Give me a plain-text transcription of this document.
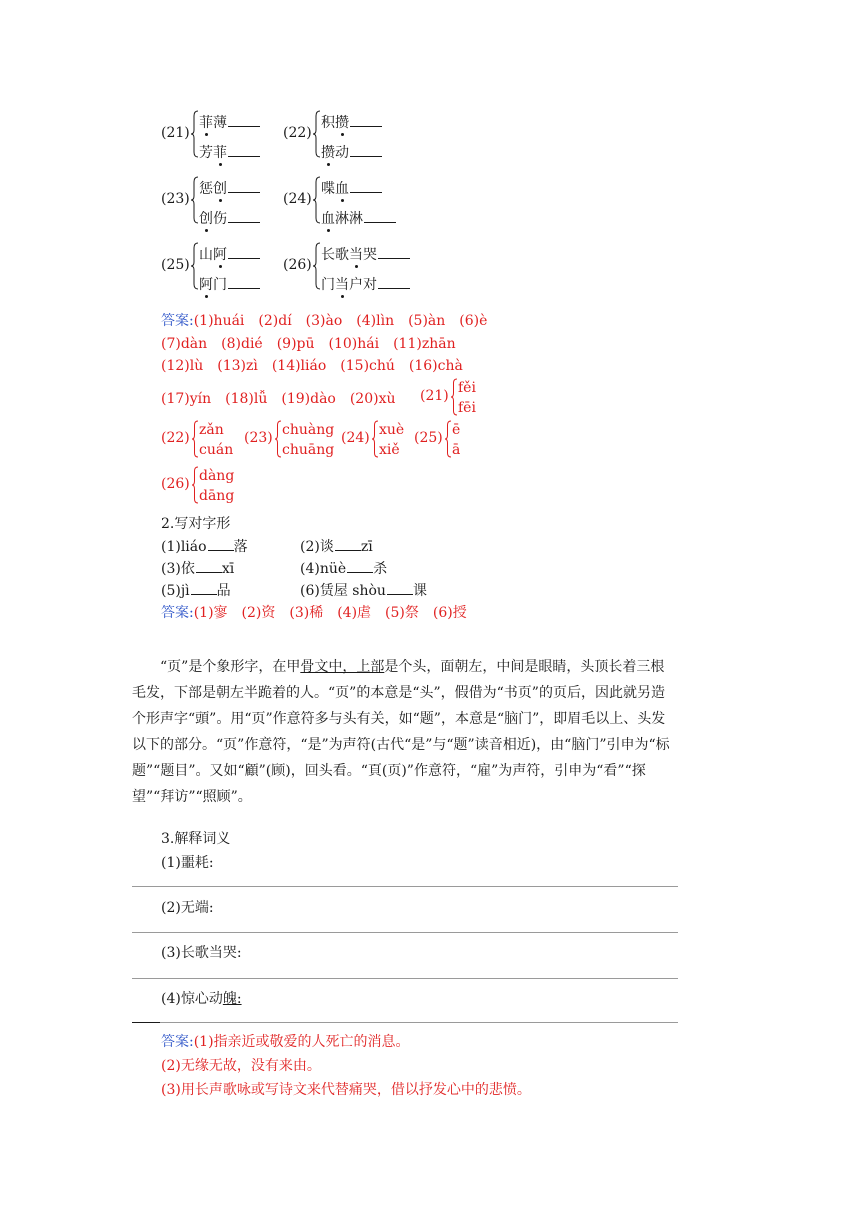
(21)
菲薄
芳菲
(22)
积攒
攒动
(23)
惩创
创伤
(24)
喋血
血淋淋
(25)
山阿
阿门
(26)
长歌当哭
门当户对
答案:(1)huái　(2)dí　(3)ào　(4)lìn　(5)àn　(6)è
(7)dàn　(8)dié　(9)pū　(10)hái　(11)zhān
(12)lù　(13)zì　(14)liáo　(15)chú　(16)chà
(17)yín　(18)lǚ　(19)dào　(20)xù (21) fěi
fēi
(22) zǎn
cuán
(23) chuàng
chuāng
(24) xuè
xiě
(25) ē
ā
(26) dàng
dāng
2.写对字形
(1)liáo 落	(2)谈 zī
(3)依 xī	(4)nüè 杀
(5)jì 品	(6)赁屋 shòu 课
答案:(1)寥　(2)资　(3)稀　(4)虐　(5)祭　(6)授
“页”是个象形字，在甲骨文中，上部是个头，面朝左，中间是眼睛，头顶长着三根毛发，下部是朝左半跪着的人。“页”的本意是“头”，假借为“书页”的页后，因此就另造个形声字“頭”。用“页”作意符多与头有关，如“题”，本意是“脑门”，即眉毛以上、头发以下的部分。“页”作意符，“是”为声符(古代“是”与“题”读音相近)，由“脑门”引申为“标题”“题目”。又如“顧”(顾)，回头看。“頁(页)”作意符，“雇”为声符，引申为“看”“探望”“拜访”“照顾”。
3.解释词义
(1)噩耗:
(2)无端:
(3)长歌当哭:
(4)惊心动魄:
答案:(1)指亲近或敬爱的人死亡的消息。
(2)无缘无故，没有来由。
(3)用长声歌咏或写诗文来代替痛哭，借以抒发心中的悲愤。
